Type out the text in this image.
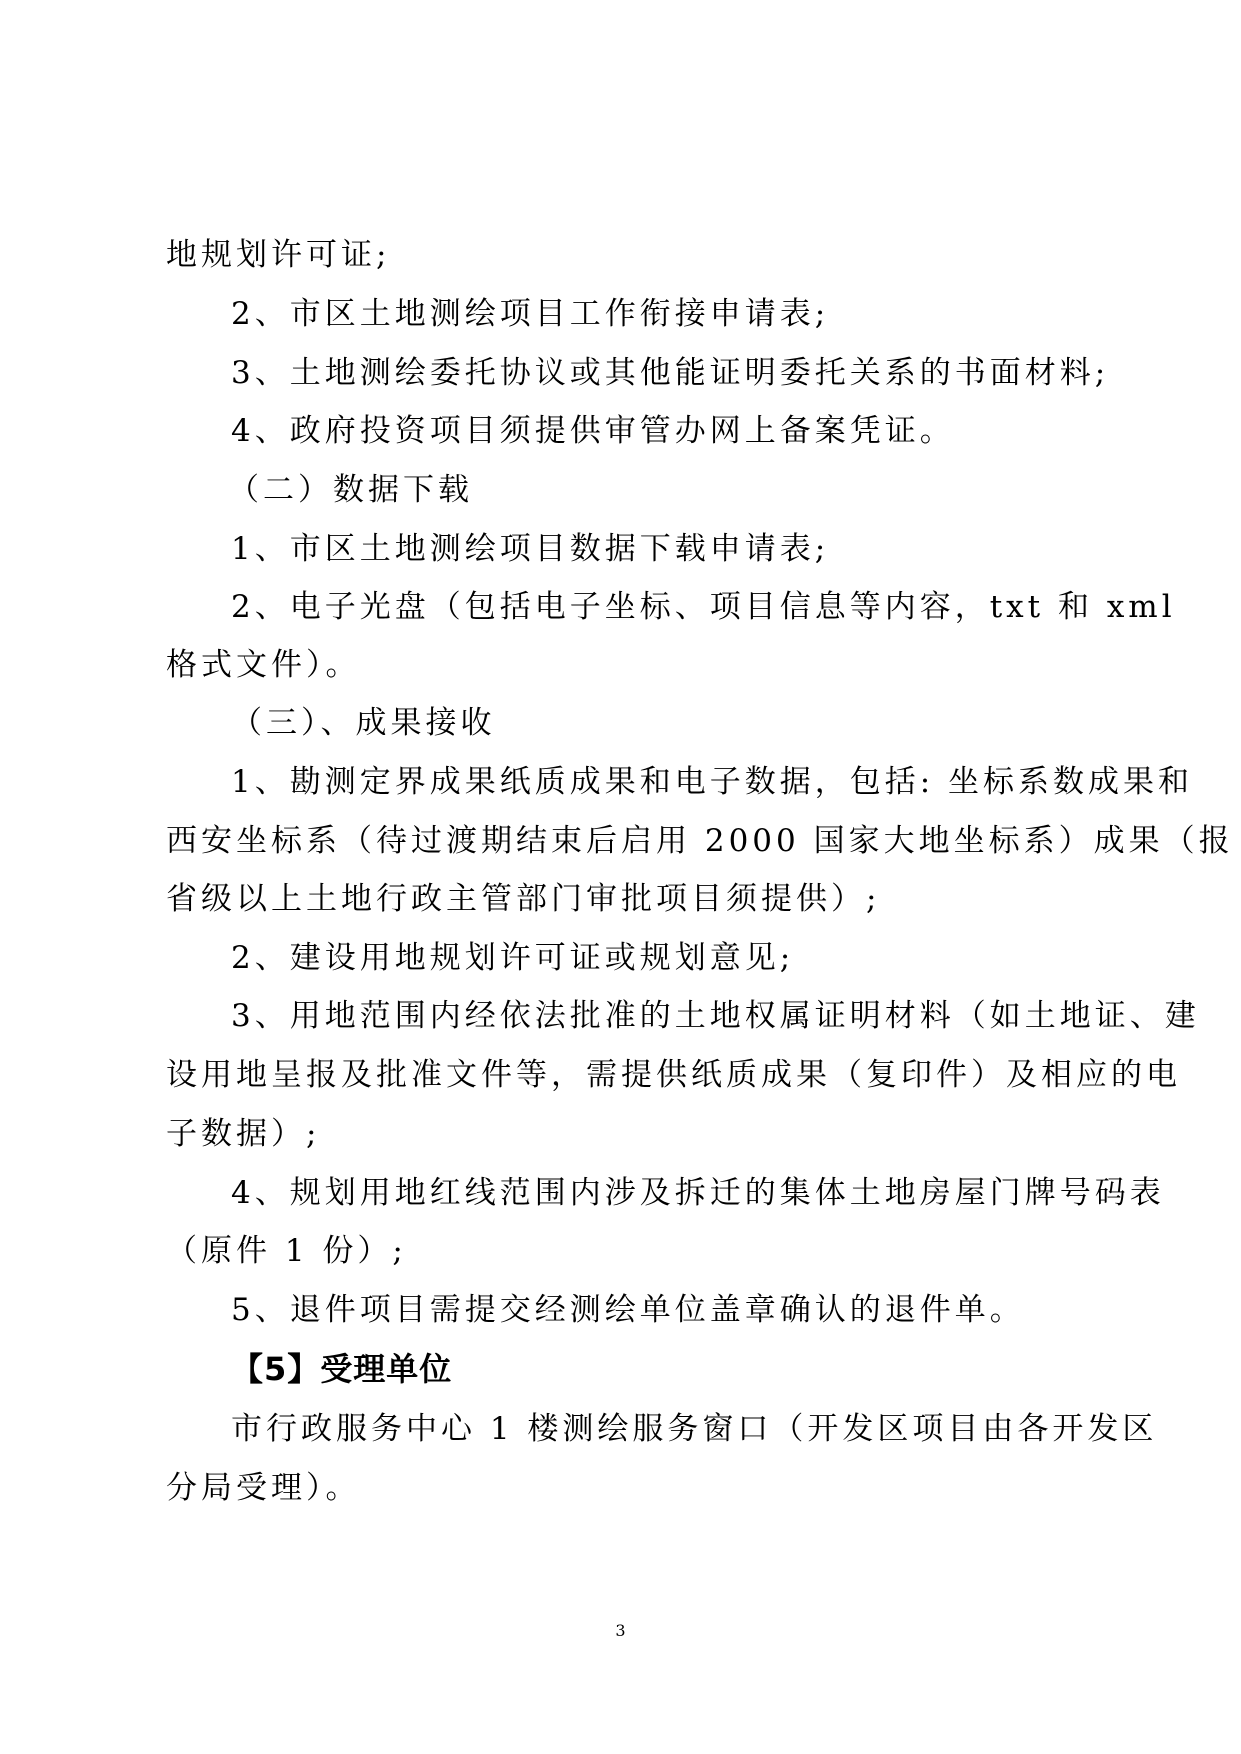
地规划许可证;
2、市区土地测绘项目工作衔接申请表;
3、土地测绘委托协议或其他能证明委托关系的书面材料;
4、政府投资项目须提供审管办网上备案凭证。
（二）数据下载
1、市区土地测绘项目数据下载申请表;
2、电子光盘（包括电子坐标、项目信息等内容，txt 和 xml
格式文件）。
（三）、成果接收
1、勘测定界成果纸质成果和电子数据，包括: 坐标系数成果和
西安坐标系（待过渡期结束后启用 2000 国家大地坐标系）成果（报
省级以上土地行政主管部门审批项目须提供）;
2、建设用地规划许可证或规划意见;
3、用地范围内经依法批准的土地权属证明材料（如土地证、建
设用地呈报及批准文件等，需提供纸质成果（复印件）及相应的电
子数据）;
4、规划用地红线范围内涉及拆迁的集体土地房屋门牌号码表
（原件 1 份）;
5、退件项目需提交经测绘单位盖章确认的退件单。
【5】受理单位
市行政服务中心 1 楼测绘服务窗口（开发区项目由各开发区
分局受理）。
3
